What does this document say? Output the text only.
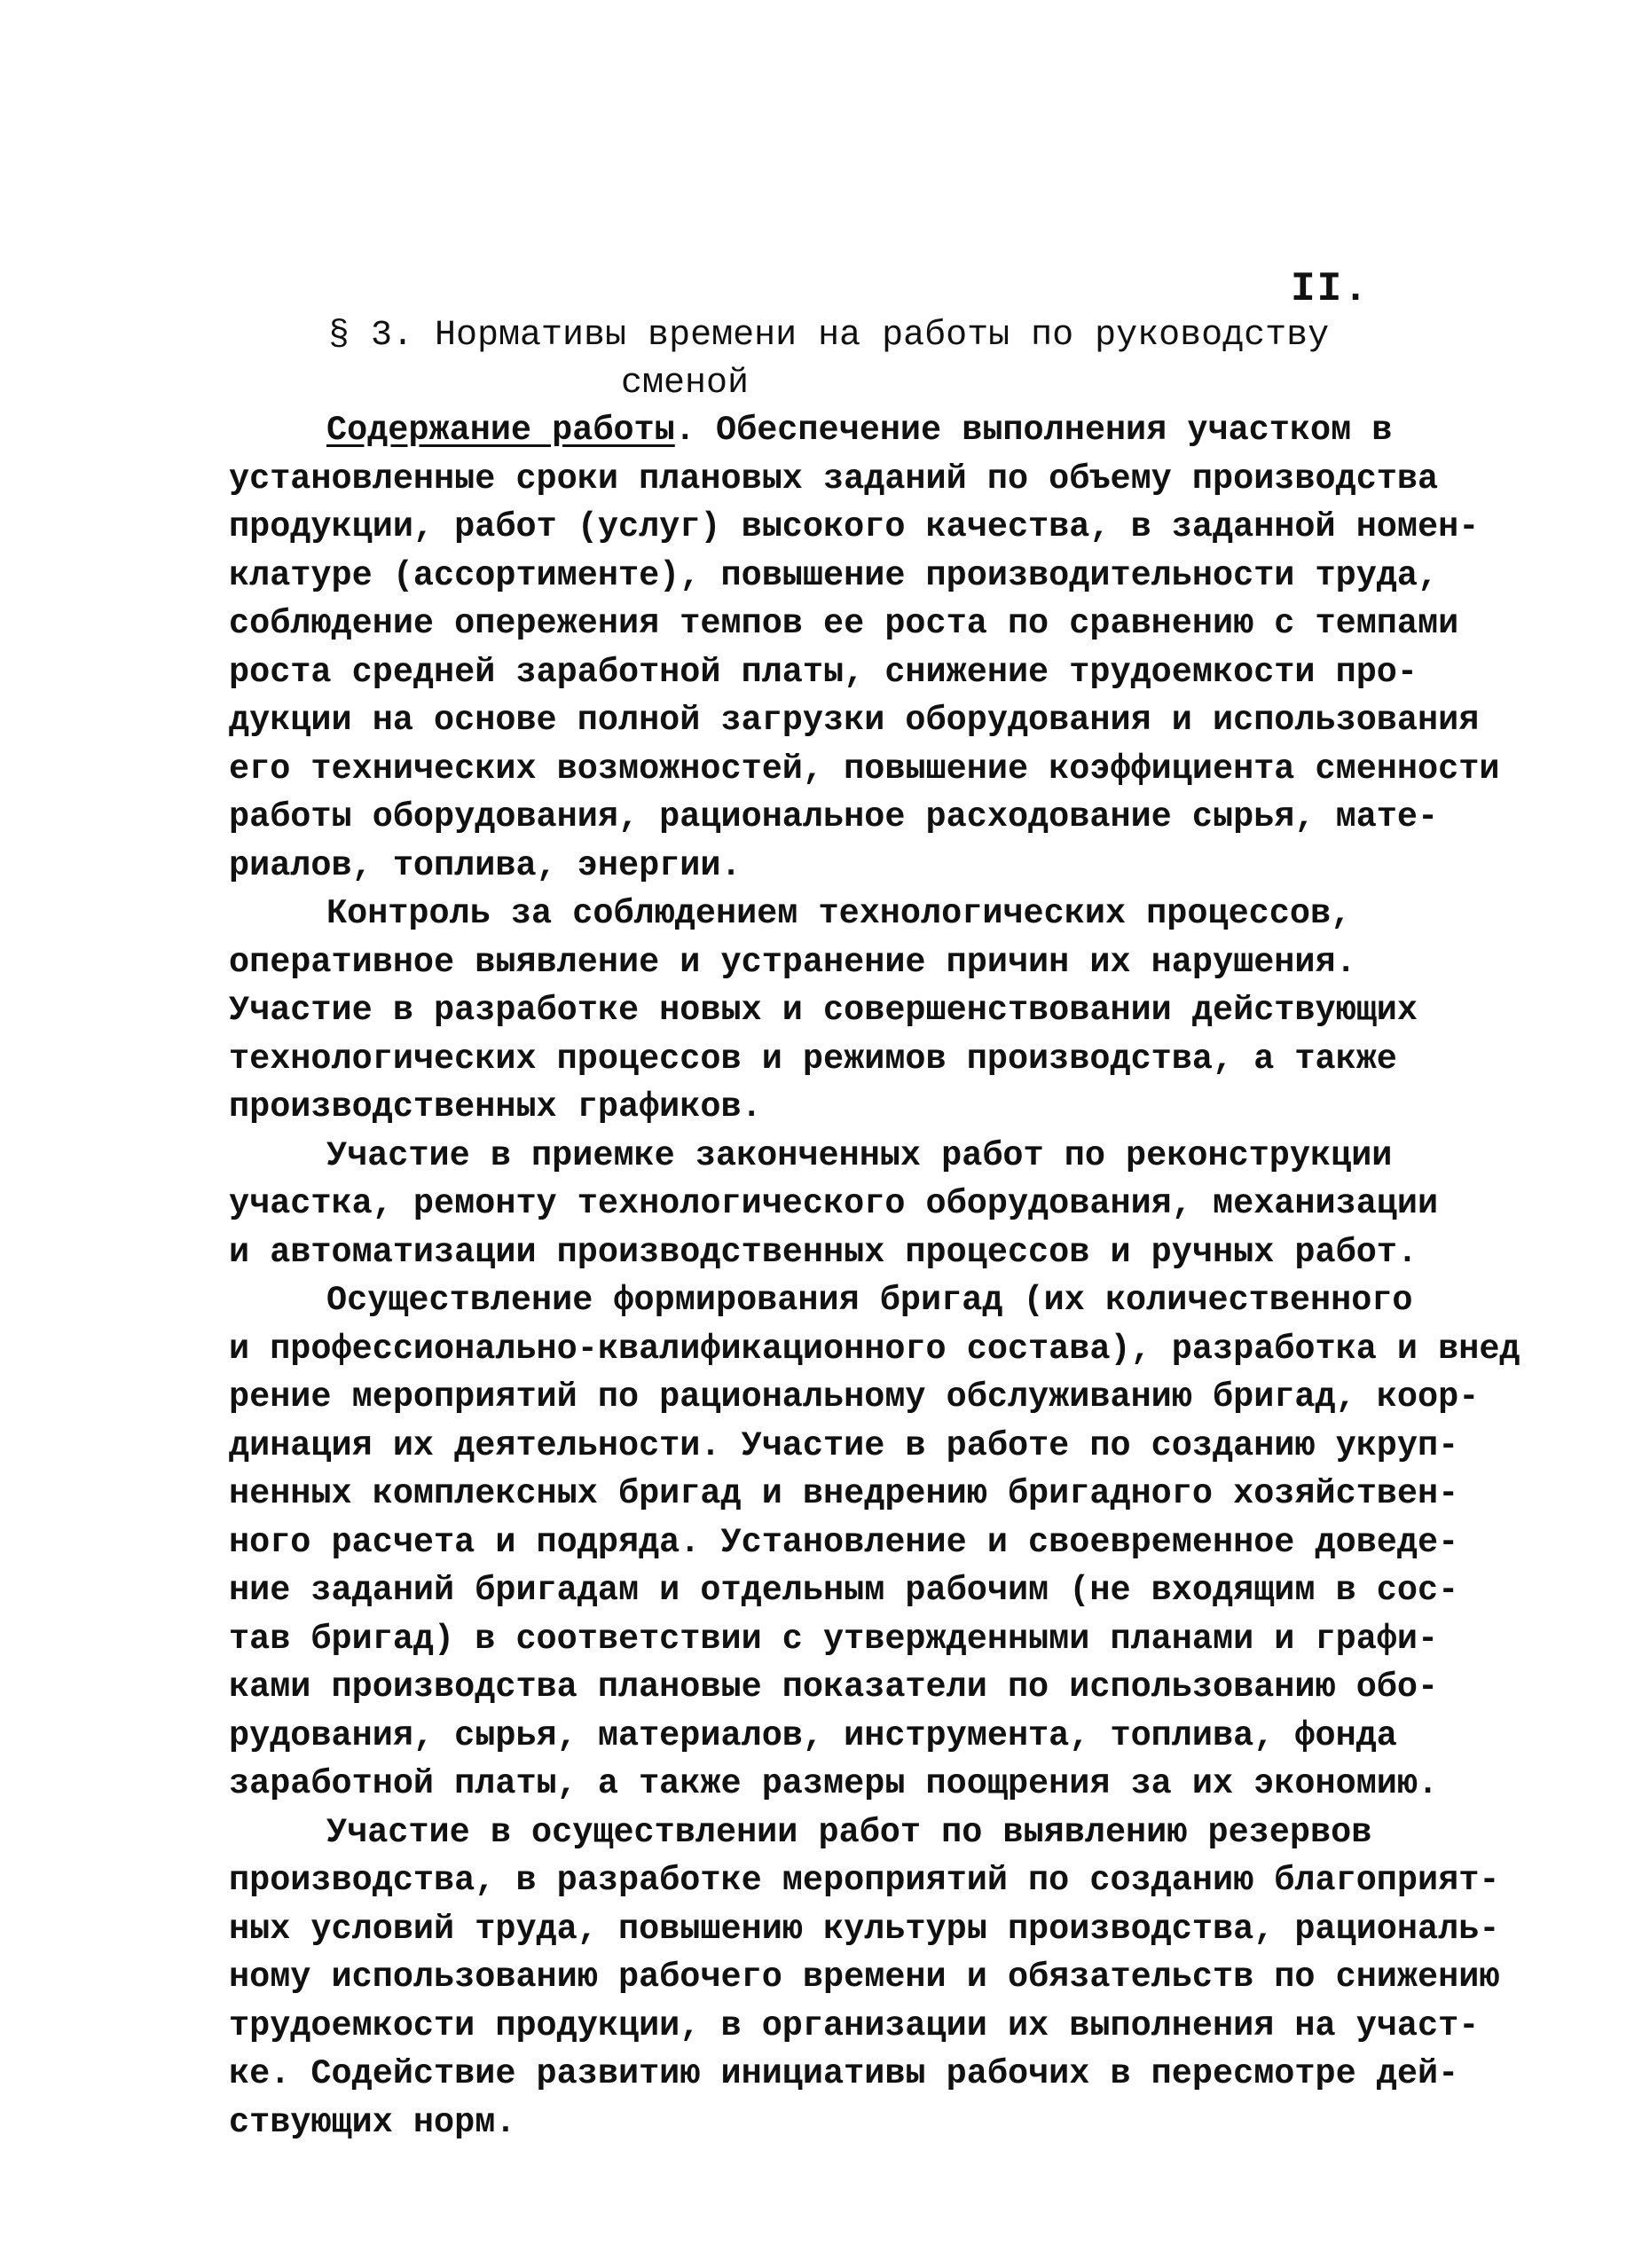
II.
§ 3. Нормативы времени на работы по руководству
сменой
Содержание работы. Обеспечение выполнения участком в
установленные сроки плановых заданий по объему производства
продукции, работ (услуг) высокого качества, в заданной номен-
клатуре (ассортименте), повышение производительности труда,
соблюдение опережения темпов ее роста по сравнению с темпами
роста средней заработной платы, снижение трудоемкости про-
дукции на основе полной загрузки оборудования и использования
его технических возможностей, повышение коэффициента сменности
работы оборудования, рациональное расходование сырья, мате-
риалов, топлива, энергии.
Контроль за соблюдением технологических процессов,
оперативное выявление и устранение причин их нарушения.
Участие в разработке новых и совершенствовании действующих
технологических процессов и режимов производства, а также
производственных графиков.
Участие в приемке законченных работ по реконструкции
участка, ремонту технологического оборудования, механизации
и автоматизации производственных процессов и ручных работ.
Осуществление формирования бригад (их количественного
и профессионально-квалификационного состава), разработка и внед
рение мероприятий по рациональному обслуживанию бригад, коор-
динация их деятельности. Участие в работе по созданию укруп-
ненных комплексных бригад и внедрению бригадного хозяйствен-
ного расчета и подряда. Установление и своевременное доведе-
ние заданий бригадам и отдельным рабочим (не входящим в сос-
тав бригад) в соответствии с утвержденными планами и графи-
ками производства плановые показатели по использованию обо-
рудования, сырья, материалов, инструмента, топлива, фонда
заработной платы, а также размеры поощрения за их экономию.
Участие в осуществлении работ по выявлению резервов
производства, в разработке мероприятий по созданию благоприят-
ных условий труда, повышению культуры производства, рациональ-
ному использованию рабочего времени и обязательств по снижению
трудоемкости продукции, в организации их выполнения на участ-
ке. Содействие развитию инициативы рабочих в пересмотре дей-
ствующих норм.
